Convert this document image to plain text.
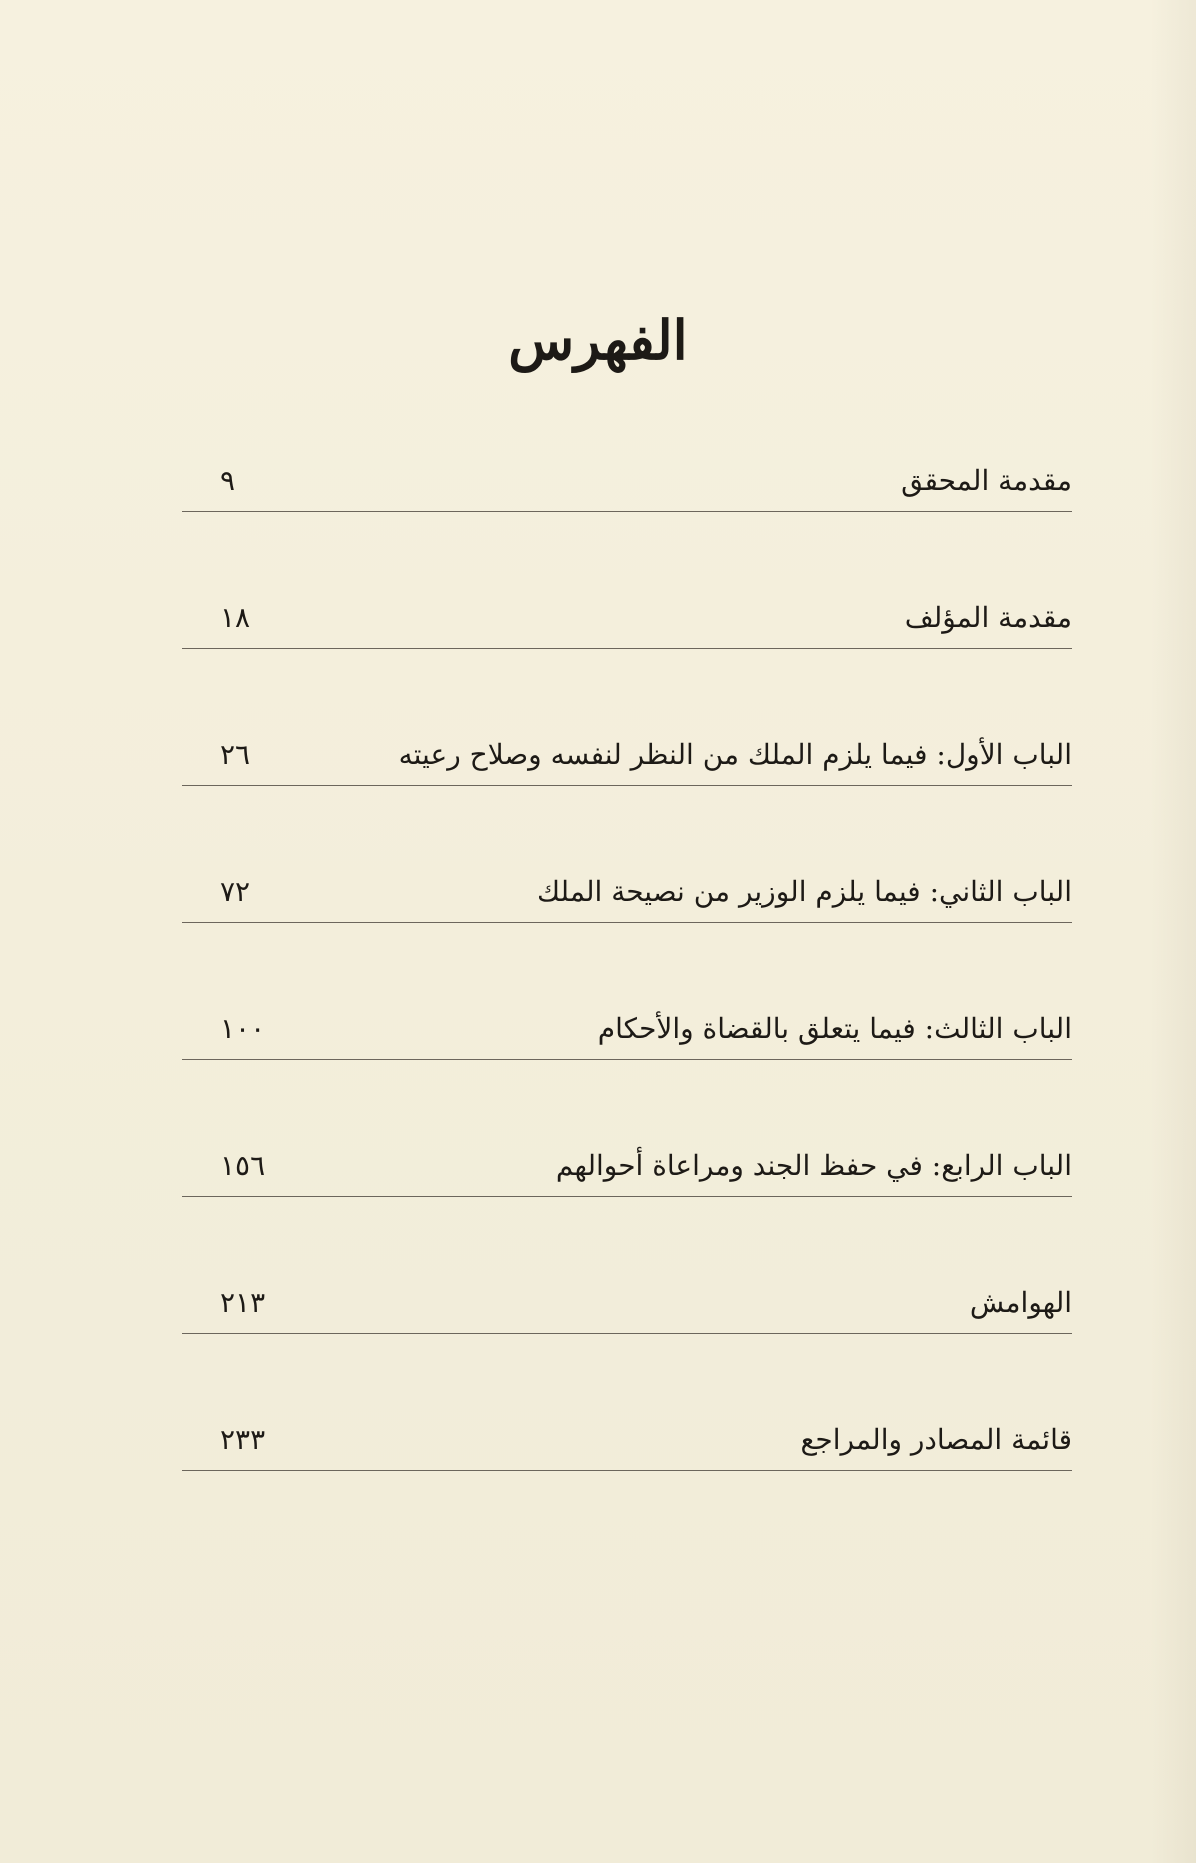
الفهرس
مقدمة المحقق
٩
مقدمة المؤلف
١٨
الباب الأول: فيما يلزم الملك من النظر لنفسه وصلاح رعيته
٢٦
الباب الثاني: فيما يلزم الوزير من نصيحة الملك
٧٢
الباب الثالث: فيما يتعلق بالقضاة والأحكام
١٠٠
الباب الرابع: في حفظ الجند ومراعاة أحوالهم
١٥٦
الهوامش
٢١٣
قائمة المصادر والمراجع
٢٣٣
